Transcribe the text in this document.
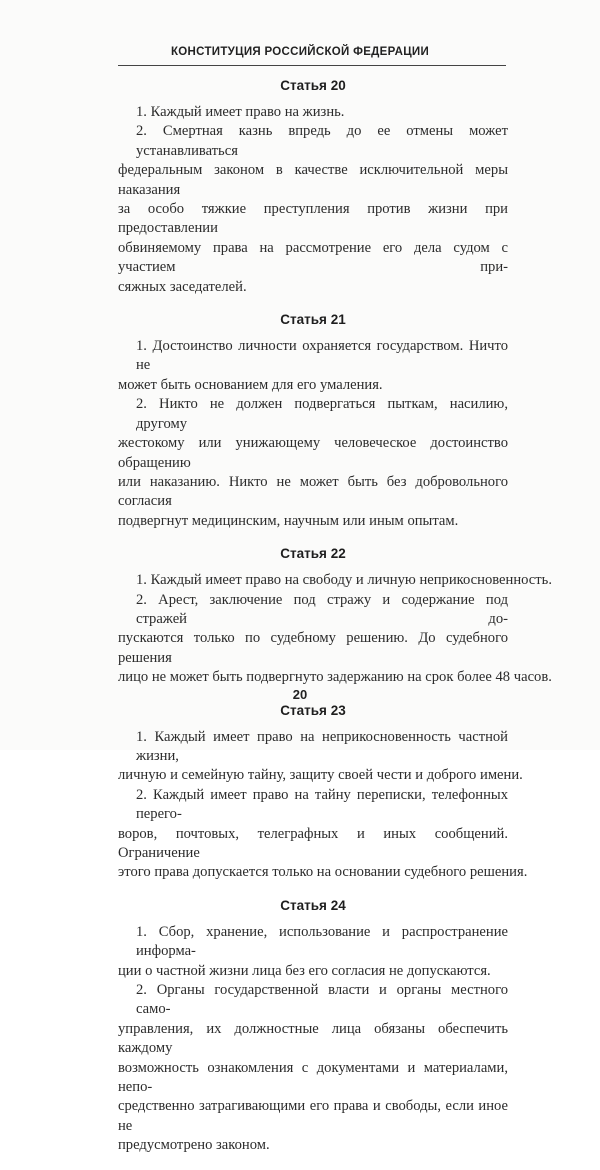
КОНСТИТУЦИЯ РОССИЙСКОЙ ФЕДЕРАЦИИ
Статья 20

1. Каждый имеет право на жизнь.

2. Смертная казнь впредь до ее отмены может устанавливаться
федеральным законом в качестве исключительной меры наказания
за особо тяжкие преступления против жизни при предоставлении
обвиняемому права на рассмотрение его дела судом с участием при-
сяжных заседателей.

Статья 21

1. Достоинство личности охраняется государством. Ничто не
может быть основанием для его умаления.

2. Никто не должен подвергаться пыткам, насилию, другому
жестокому или унижающему человеческое достоинство обращению
или наказанию. Никто не может быть без добровольного согласия
подвергнут медицинским, научным или иным опытам.

Статья 22

1. Каждый имеет право на свободу и личную неприкосновенность.

2. Арест, заключение под стражу и содержание под стражей до-
пускаются только по судебному решению. До судебного решения
лицо не может быть подвергнуто задержанию на срок более 48 часов.

Статья 23

1. Каждый имеет право на неприкосновенность частной жизни,
личную и семейную тайну, защиту своей чести и доброго имени.

2. Каждый имеет право на тайну переписки, телефонных перего-
воров, почтовых, телеграфных и иных сообщений. Ограничение
этого права допускается только на основании судебного решения.

Статья 24

1. Сбор, хранение, использование и распространение информа-
ции о частной жизни лица без его согласия не допускаются.

2. Органы государственной власти и органы местного само-
управления, их должностные лица обязаны обеспечить каждому
возможность ознакомления с документами и материалами, непо-
средственно затрагивающими его права и свободы, если иное не
предусмотрено законом.

20
